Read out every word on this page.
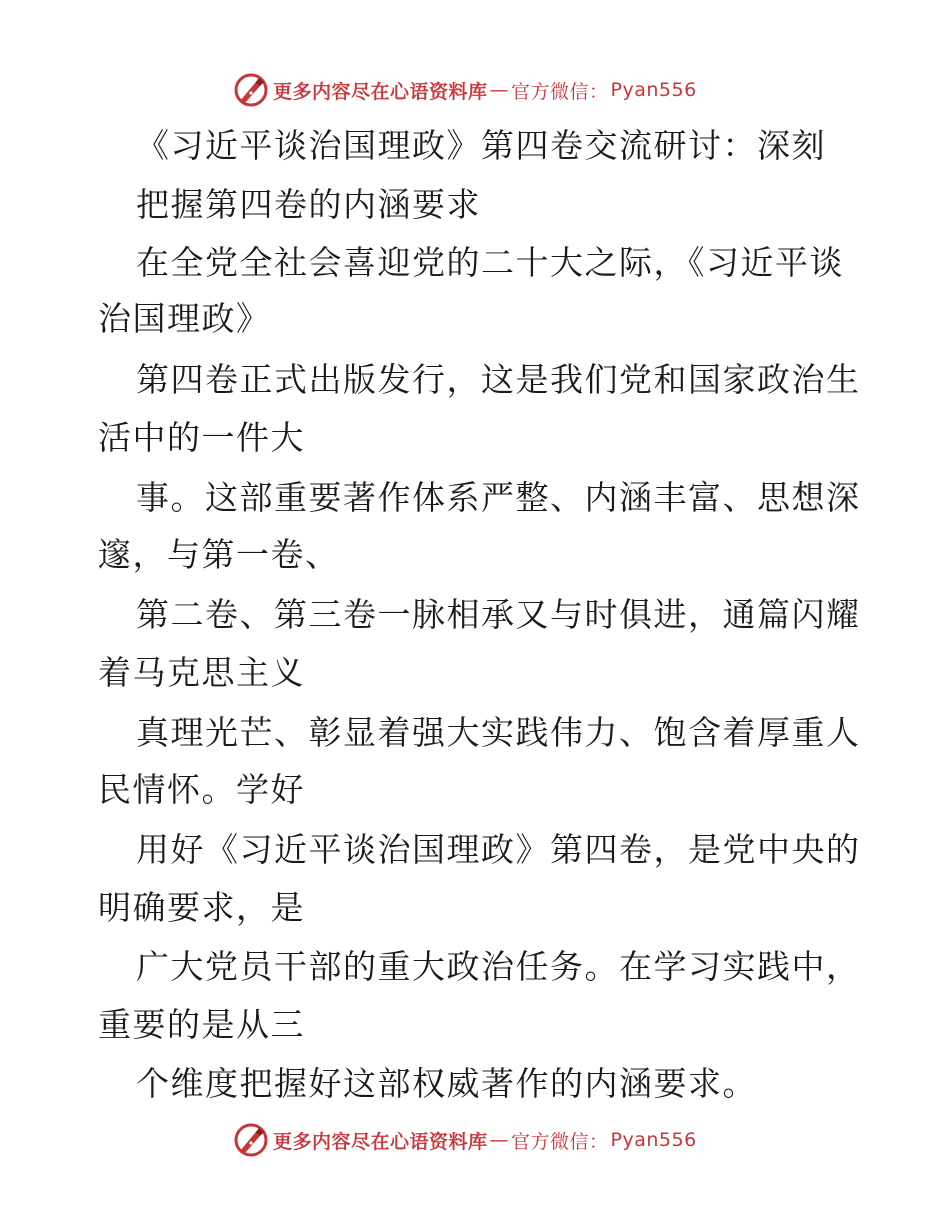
更多内容尽在心语资料库 — 官方微信： Pyan556
《习近平谈治国理政》第四卷交流研讨：深刻
把握第四卷的内涵要求
在全党全社会喜迎党的二十大之际，《习近平谈
治国理政》
第四卷正式出版发行，这是我们党和国家政治生
活中的一件大
事。这部重要著作体系严整、内涵丰富、思想深
邃，与第一卷、
第二卷、第三卷一脉相承又与时俱进，通篇闪耀
着马克思主义
真理光芒、彰显着强大实践伟力、饱含着厚重人
民情怀。学好
用好《习近平谈治国理政》第四卷，是党中央的
明确要求，是
广大党员干部的重大政治任务。在学习实践中，
重要的是从三
个维度把握好这部权威著作的内涵要求。
更多内容尽在心语资料库 — 官方微信： Pyan556
